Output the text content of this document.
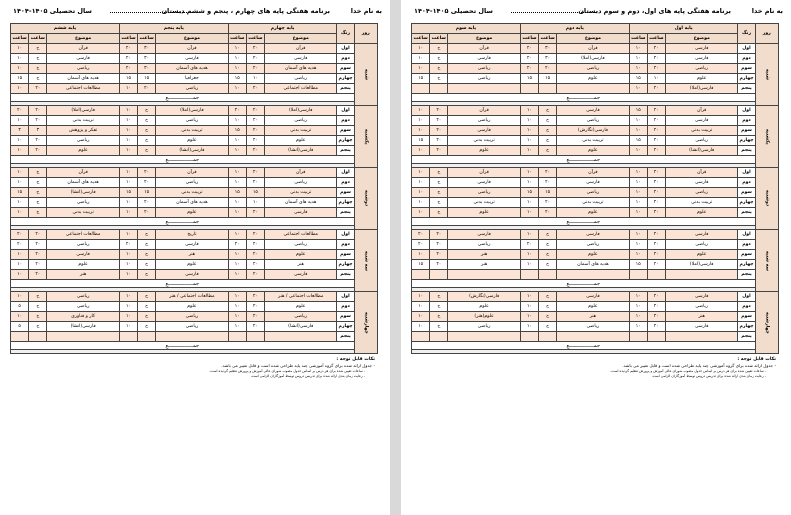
به نام خدا
برنامه هفتگی پایه های چهارم ، پنجم و ششم دبستان
سال تحصیلی ۱۴۰۵-۱۴۰۴
روز	زنگ	پایه چهارم			پایه پنجم			پایه ششم		
		موضوع	ساعت	ساعت	موضوع	ساعت	ساعت	موضوع	ساعت	ساعت
شنبه	اول	قرآن	۲۰	۱۰	قرآن	۳۰	۲۰	قرآن	ح	۱۰
	دوم	فارسی	۲۰	۱۰	فارسی	۳۰	۲۰	فارسی	ح	۱۰
	سوم	هدیه های آسمان	۲۰	۱۰	هدیه های آسمان	۳۰	۲۰	ریاضی	ح	۱۰
	چهارم	ریاضی	۱۰	۱۵	جغرافیا	۱۵	۱۵	هدیه های آسمان	ح	۱۵
	پنجم	مطالعات اجتماعی	۲۰	۱۰	ریاضی	۲۰	۱۰	مطالعات اجتماعی	۲۰	۱۰
	جمـــــــــــــــــع									

یکشنبه	اول	فارسی(املا)	۲۰	۲۰	فارسی(املا)	ح	۱۰	فارسی(املا)	۲۰	۲۰
	دوم	ریاضی	۲۰	۱۰	ریاضی	ح	۱۰	تربیت بدنی	۲۰	۱۰
	سوم	تربیت بدنی	۲۰	۱۵	تربیت بدنی	ح	۱۰	تفکر و پژوهش	۳	۳
	چهارم	علوم	۲۰	۱۰	علوم	ح	۱۰	ریاضی	۲۰	۱۰
	پنجم	فارسی(انشا)	۲۰	۱۰	فارسی(انشا)	ح	۱۰	علوم	۲۰	۱۰
	جمـــــــــــــــــع									

دوشنبه	اول	قرآن	۲۰	۱۰	قرآن	۲۰	۱۰	قرآن	ح	۱۰
	دوم	ریاضی	۲۰	۱۰	ریاضی	۲۰	۱۰	هدیه های آسمان	ح	۱۰
	سوم	تربیت بدنی	۱۵	۱۵	تربیت بدنی	۱۵	۱۵	فارسی(انشا)	ح	۱۵
	چهارم	هدیه های آسمان	۱۰	۱۰	هدیه های آسمان	۲۰	۱۰	ریاضی	ح	۱۰
	پنجم	فارسی	۲۰	۱۰	علوم	۲۰	۱۰	تربیت بدنی	ح	۱۰
	جمـــــــــــــــــع									

سه شنبه	اول	مطالعات اجتماعی	۲۰	۱۰	تاریخ	ح	۱۰	مطالعات اجتماعی	۲۰	۲۰
	دوم	ریاضی	۲۰	۲۰	فارسی	ح	۲۰	ریاضی	۲۰	۲۰
	سوم	علوم	۲۰	۱۰	هنر	ح	۱۰	فارسی	۲۰	۱۰
	چهارم	هنر	۲۰	۱۰	علوم	ح	۱۰	علوم	۲۰	۱۰
	پنجم	فارسی	۲۰	۱۰	فارسی	ح	۱۰	هنر	۲۰	۱۰
	جمـــــــــــــــــع									

چهارشنبه	اول	مطالعات اجتماعی / هنر	۲۰	۱۰	مطالعات اجتماعی / هنر	ح	۱۰	ریاضی	ح	۱۰
	دوم	علوم	۲۰	۱۰	علوم	ح	۱۰	ریاضی	ح	۵
	سوم	ریاضی	۲۰	۱۰	ریاضی	ح	۱۰	کار و فناوری	ح	۱۰
	چهارم	فارسی(انشا)	۲۰	۱۰	ریاضی	ح	۱۰	فارسی(انشا)	ح	۵
	پنجم									
	جمـــــــــــــــــع									

نکات قابل توجه :
- جدول ارائه شده برای گروه آموزشی چند پایه طراحی شده است و قابل تغییر می باشد.
- ساعات تعیین شده برای هر درس بر اساس جدول مصوب شورای عالی آموزش و پرورش تنظیم گردیده است.
- رعایت زمان بندی ارائه شده برای تدریس دروس توسط آموزگاران الزامی است.
به نام خدا
برنامه هفتگی پایه های اول، دوم و سوم دبستان
سال تحصیلی ۱۴۰۵-۱۴۰۴
روز	زنگ	پایه اول			پایه دوم			پایه سوم		
		موضوع	ساعت	ساعت	موضوع	ساعت	ساعت	موضوع	ساعت	ساعت
شنبه	اول	فارسی	۲۰	۱۰	قرآن	۳۰	۲۰	قرآن	ح	۱۰
	دوم	فارسی	۲۰	۱۰	فارسی(املا)	۳۰	۲۰	فارسی	ح	۱۰
	سوم	ریاضی	۲۰	۱۰	ریاضی	۲۰	۲۰	ریاضی	ح	۱۰
	چهارم	علوم	۱۰	۱۵	علوم	۱۵	۱۵	ریاضی	ح	۱۵
	پنجم	فارسی(املا)	۲۰	۱۰						
	جمـــــــــــــــــع									

یکشنبه	اول	قرآن	۲۰	۱۵	فارسی	ح	۱۰	قرآن	۲۰	۱۰
	دوم	فارسی	۲۰	۱۰	ریاضی	ح	۱۰	ریاضی	۲۰	۱۰
	سوم	تربیت بدنی	۲۰	۱۰	فارسی(نگارش)	ح	۱۰	فارسی	۲۰	۱۰
	چهارم	ریاضی	۲۰	۱۵	تربیت بدنی	ح	۱۰	تربیت بدنی	۲۰	۱۵
	پنجم	فارسی(انشا)	۲۰	۱۰	علوم	ح	۱۰	علوم	۲۰	۱۰
	جمـــــــــــــــــع									

دوشنبه	اول	قرآن	۲۰	۱۰	قرآن	۲۰	۱۰	قرآن	ح	۱۰
	دوم	فارسی	۲۰	۱۰	فارسی	۲۰	۱۰	فارسی	ح	۱۰
	سوم	ریاضی	۲۰	۱۰	ریاضی	۱۵	۱۵	ریاضی	ح	۱۰
	چهارم	تربیت بدنی	۲۰	۱۰	تربیت بدنی	۲۰	۱۰	تربیت بدنی	ح	۱۰
	پنجم	علوم	۲۰	۱۰	علوم	۲۰	۱۰	علوم	ح	۱۰
	جمـــــــــــــــــع									

سه شنبه	اول	فارسی	۲۰	۱۰	فارسی	ح	۱۰	فارسی	۲۰	۲۰
	دوم	ریاضی	۲۰	۱۰	ریاضی	ح	۲۰	ریاضی	۲۰	۲۰
	سوم	علوم	۲۰	۱۰	علوم	ح	۱۰	هنر	۲۰	۱۰
	چهارم	فارسی(املا)	۲۰	۱۵	هدیه های آسمان	ح	۱۰	هنر	۲۰	۱۵
	پنجم									
	جمـــــــــــــــــع									

چهارشنبه	اول	فارسی	۲۰	۱۰	فارسی	ح	۱۰	فارسی(نگارش)	ح	۱۰
	دوم	ریاضی	۲۰	۱۰	علوم	ح	۱۰	علوم	ح	۱۰
	سوم	هنر	۲۰	۱۰	هنر	ح	۱۰	علوم(هنر)	ح	۱۰
	چهارم	فارسی	۲۰	۱۰	ریاضی	ح	۱۰	ریاضی	ح	۱۰
	پنجم									
	جمـــــــــــــــــع									

نکات قابل توجه :
- جدول ارائه شده برای گروه آموزشی چند پایه طراحی شده است و قابل تغییر می باشد.
- ساعات تعیین شده برای هر درس بر اساس جدول مصوب شورای عالی آموزش و پرورش تنظیم گردیده است.
- رعایت زمان بندی ارائه شده برای تدریس دروس توسط آموزگاران الزامی است.
